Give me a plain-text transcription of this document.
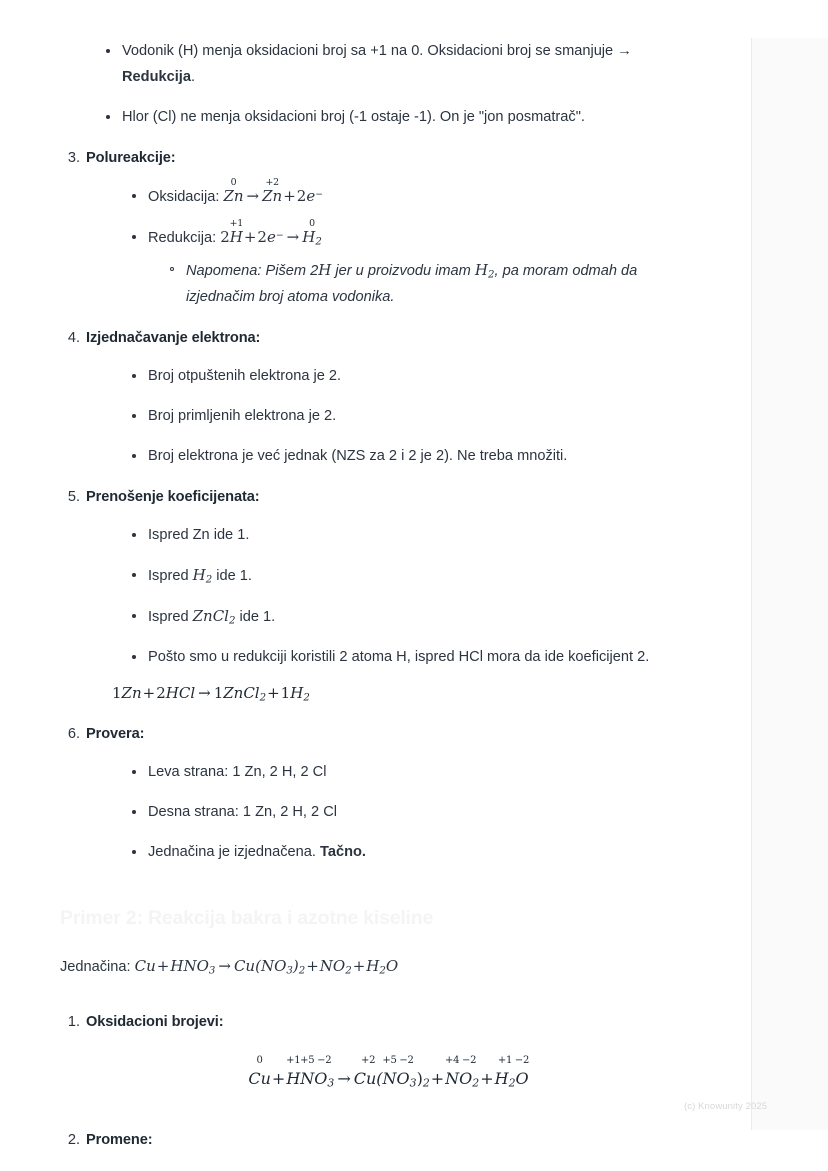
Vodonik (H) menja oksidacioni broj sa +1 na 0. Oksidacioni broj se smanjuje → Redukcija.
Hlor (Cl) ne menja oksidacioni broj (-1 ostaje -1). On je "jon posmatrač".
3. Polureakcije:
Oksidacija:
0
Zn →
+2
Zn+2e−
Redukcija: 2
+1
H+2e− →
0
$H_2$
Napomena: Pišem 2H jer u proizvodu imam $H_2$, pa moram odmah da izjednačim broj atoma vodonika.
4. Izjednačavanje elektrona:
Broj otpuštenih elektrona je 2.
Broj primljenih elektrona je 2.
Broj elektrona je već jednak (NZS za 2 i 2 je 2). Ne treba množiti.
5. Prenošenje koeficijenata:
Ispred Zn ide 1.
Ispred $H_2$ ide 1.
Ispred ZnCl$_2$ ide 1.
Pošto smo u redukciji koristili 2 atoma H, ispred HCl mora da ide koeficijent 2.
$1Zn+2HCl \to 1ZnCl_2+1H_2$
6. Provera:
Leva strana: 1 Zn, 2 H, 2 Cl
Desna strana: 1 Zn, 2 H, 2 Cl
Jednačina je izjednačena. Tačno.
Primer 2: Reakcija bakra i azotne kiseline
Jednačina: $Cu+HNO_3 \to Cu(NO_3)_2+NO_2+H_2O$
1. Oksidacioni brojevi:
0
Cu+
+1
H
+5
N
−2
$O_3$ →
+2
Cu(
+5
N
−2
$O_3)_2+$
+4
N
−2
$O_2+$
+1
$H_2$
−2
O
2. Promene:
(c) Knowunity 2025
